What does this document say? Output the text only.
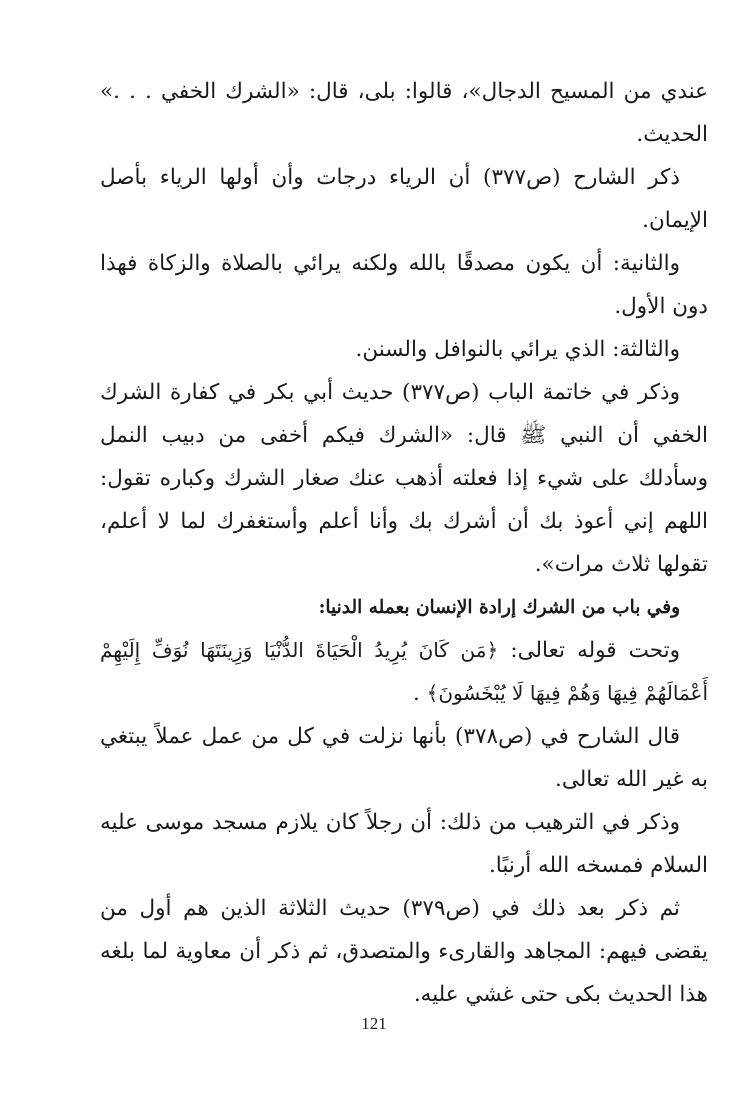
عندي من المسيح الدجال»، قالوا: بلى، قال: «الشرك الخفي . . .» الحديث.

ذكر الشارح (ص٣٧٧) أن الرياء درجات وأن أولها الرياء بأصل الإيمان.

والثانية: أن يكون مصدقًا بالله ولكنه يرائي بالصلاة والزكاة فهذا دون الأول.

والثالثة: الذي يرائي بالنوافل والسنن.

وذكر في خاتمة الباب (ص٣٧٧) حديث أبي بكر في كفارة الشرك الخفي أن النبي ﷺ قال: «الشرك فيكم أخفى من دبيب النمل وسأدلك على شيء إذا فعلته أذهب عنك صغار الشرك وكباره تقول: اللهم إني أعوذ بك أن أشرك بك وأنا أعلم وأستغفرك لما لا أعلم، تقولها ثلاث مرات».

وفي باب من الشرك إرادة الإنسان بعمله الدنيا:

وتحت قوله تعالى: ﴿مَن كَانَ يُرِيدُ الْحَيَاةَ الدُّنْيَا وَزِينَتَهَا نُوَفِّ إِلَيْهِمْ أَعْمَالَهُمْ فِيهَا وَهُمْ فِيهَا لَا يُبْخَسُونَ﴾ .

قال الشارح في (ص٣٧٨) بأنها نزلت في كل من عمل عملاً يبتغي به غير الله تعالى.

وذكر في الترهيب من ذلك: أن رجلاً كان يلازم مسجد موسى عليه السلام فمسخه الله أرنبًا.

ثم ذكر بعد ذلك في (ص٣٧٩) حديث الثلاثة الذين هم أول من يقضى فيهم: المجاهد والقارىء والمتصدق، ثم ذكر أن معاوية لما بلغه هذا الحديث بكى حتى غشي عليه.

121
